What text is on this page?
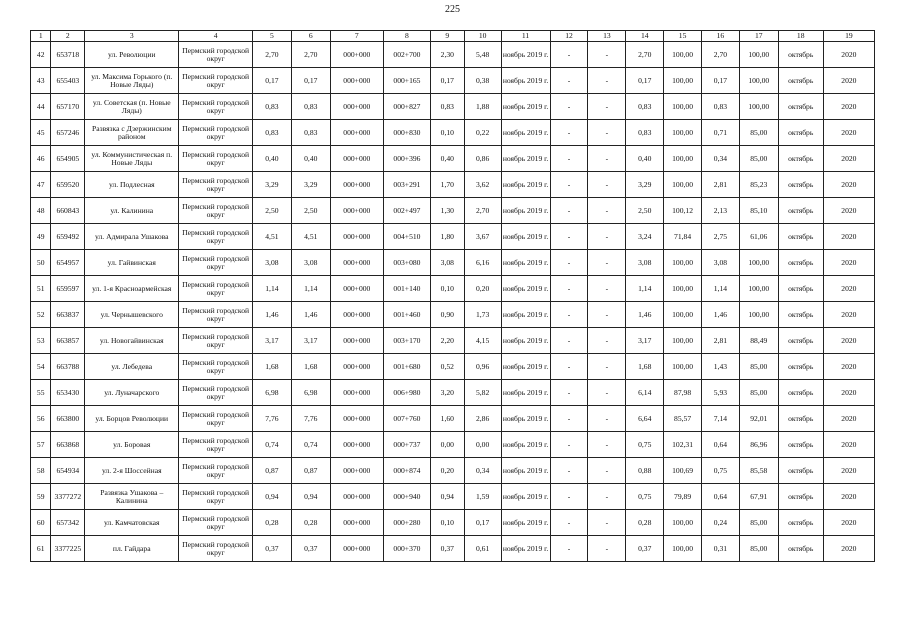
225
1	2	3	4	5	6	7	8	9	10	11	12	13	14	15	16	17	18	19
42	653718	ул. Революции	Пермский городской округ	2,70	2,70	000+000	002+700	2,30	5,48	ноябрь 2019 г.	-	-	2,70	100,00	2,70	100,00	октябрь	2020
43	655403	ул. Максима Горького (п. Новые Ляды)	Пермский городской округ	0,17	0,17	000+000	000+165	0,17	0,38	ноябрь 2019 г.	-	-	0,17	100,00	0,17	100,00	октябрь	2020
44	657170	ул. Советская (п. Новые Ляды)	Пермский городской округ	0,83	0,83	000+000	000+827	0,83	1,88	ноябрь 2019 г.	-	-	0,83	100,00	0,83	100,00	октябрь	2020
45	657246	Развязка с Дзержинским районом	Пермский городской округ	0,83	0,83	000+000	000+830	0,10	0,22	ноябрь 2019 г.	-	-	0,83	100,00	0,71	85,00	октябрь	2020
46	654905	ул. Коммунистическая п. Новые Ляды	Пермский городской округ	0,40	0,40	000+000	000+396	0,40	0,86	ноябрь 2019 г.	-	-	0,40	100,00	0,34	85,00	октябрь	2020
47	659520	ул. Подлесная	Пермский городской округ	3,29	3,29	000+000	003+291	1,70	3,62	ноябрь 2019 г.	-	-	3,29	100,00	2,81	85,23	октябрь	2020
48	660843	ул. Калинина	Пермский городской округ	2,50	2,50	000+000	002+497	1,30	2,70	ноябрь 2019 г.	-	-	2,50	100,12	2,13	85,10	октябрь	2020
49	659492	ул. Адмирала Ушакова	Пермский городской округ	4,51	4,51	000+000	004+510	1,80	3,67	ноябрь 2019 г.	-	-	3,24	71,84	2,75	61,06	октябрь	2020
50	654957	ул. Гайвинская	Пермский городской округ	3,08	3,08	000+000	003+080	3,08	6,16	ноябрь 2019 г.	-	-	3,08	100,00	3,08	100,00	октябрь	2020
51	659597	ул. 1-я Красноармейская	Пермский городской округ	1,14	1,14	000+000	001+140	0,10	0,20	ноябрь 2019 г.	-	-	1,14	100,00	1,14	100,00	октябрь	2020
52	663837	ул. Чернышевского	Пермский городской округ	1,46	1,46	000+000	001+460	0,90	1,73	ноябрь 2019 г.	-	-	1,46	100,00	1,46	100,00	октябрь	2020
53	663857	ул. Новогайвинская	Пермский городской округ	3,17	3,17	000+000	003+170	2,20	4,15	ноябрь 2019 г.	-	-	3,17	100,00	2,81	88,49	октябрь	2020
54	663788	ул. Лебедева	Пермский городской округ	1,68	1,68	000+000	001+680	0,52	0,96	ноябрь 2019 г.	-	-	1,68	100,00	1,43	85,00	октябрь	2020
55	653430	ул. Луначарского	Пермский городской округ	6,98	6,98	000+000	006+980	3,20	5,82	ноябрь 2019 г.	-	-	6,14	87,98	5,93	85,00	октябрь	2020
56	663800	ул. Борцов Революции	Пермский городской округ	7,76	7,76	000+000	007+760	1,60	2,86	ноябрь 2019 г.	-	-	6,64	85,57	7,14	92,01	октябрь	2020
57	663868	ул. Боровая	Пермский городской округ	0,74	0,74	000+000	000+737	0,00	0,00	ноябрь 2019 г.	-	-	0,75	102,31	0,64	86,96	октябрь	2020
58	654934	ул. 2-я Шоссейная	Пермский городской округ	0,87	0,87	000+000	000+874	0,20	0,34	ноябрь 2019 г.	-	-	0,88	100,69	0,75	85,58	октябрь	2020
59	3377272	Развязка Ушакова – Калинина	Пермский городской округ	0,94	0,94	000+000	000+940	0,94	1,59	ноябрь 2019 г.	-	-	0,75	79,89	0,64	67,91	октябрь	2020
60	657342	ул. Камчатовская	Пермский городской округ	0,28	0,28	000+000	000+280	0,10	0,17	ноябрь 2019 г.	-	-	0,28	100,00	0,24	85,00	октябрь	2020
61	3377225	пл. Гайдара	Пермский городской округ	0,37	0,37	000+000	000+370	0,37	0,61	ноябрь 2019 г.	-	-	0,37	100,00	0,31	85,00	октябрь	2020
